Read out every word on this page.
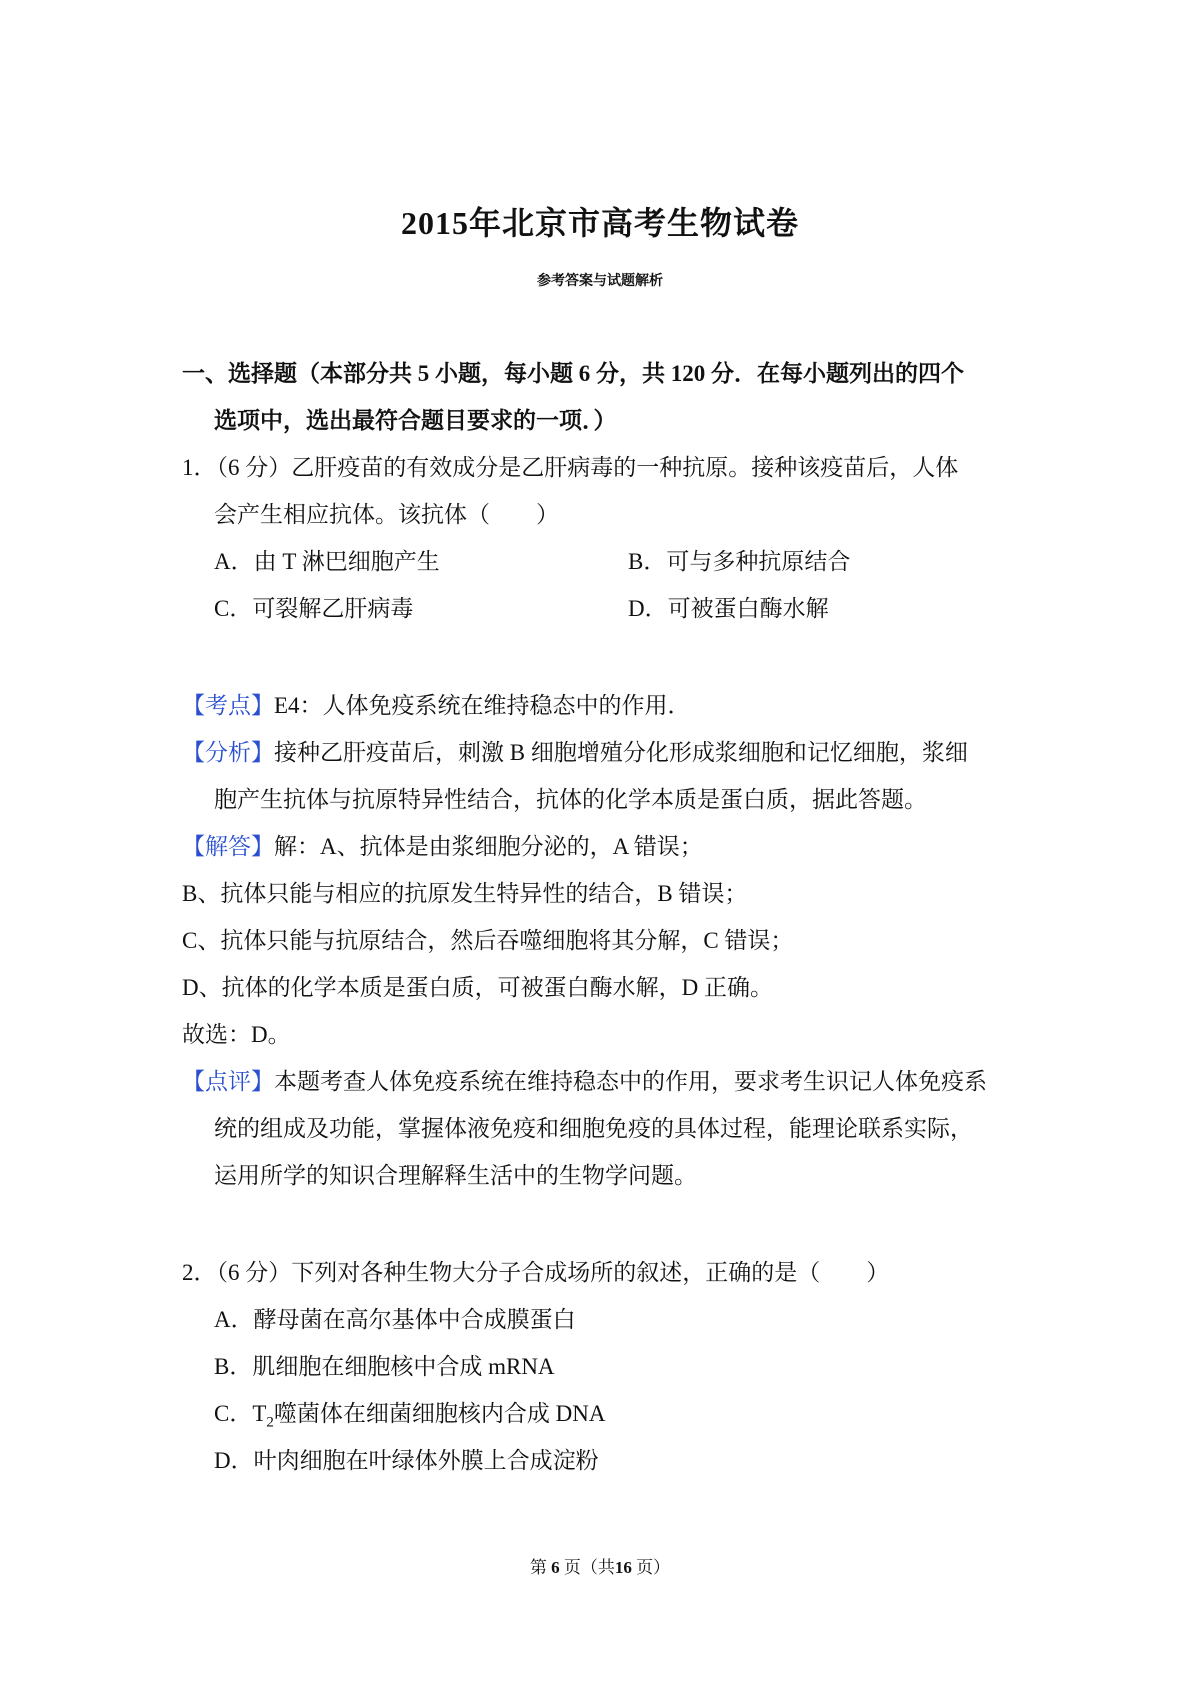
2015年北京市高考生物试卷
参考答案与试题解析
一、选择题（本部分共 5 小题，每小题 6 分，共 120 分．在每小题列出的四个
选项中，选出最符合题目要求的一项．）
1．（6 分）乙肝疫苗的有效成分是乙肝病毒的一种抗原。接种该疫苗后，人体
会产生相应抗体。该抗体（　　）
A．由 T 淋巴细胞产生	B．可与多种抗原结合
C．可裂解乙肝病毒	D．可被蛋白酶水解
【考点】E4：人体免疫系统在维持稳态中的作用．
【分析】接种乙肝疫苗后，刺激 B 细胞增殖分化形成浆细胞和记忆细胞，浆细
胞产生抗体与抗原特异性结合，抗体的化学本质是蛋白质，据此答题。
【解答】解：A、抗体是由浆细胞分泌的，A 错误；
B、抗体只能与相应的抗原发生特异性的结合，B 错误；
C、抗体只能与抗原结合，然后吞噬细胞将其分解，C 错误；
D、抗体的化学本质是蛋白质，可被蛋白酶水解，D 正确。
故选：D。
【点评】本题考查人体免疫系统在维持稳态中的作用，要求考生识记人体免疫系
统的组成及功能，掌握体液免疫和细胞免疫的具体过程，能理论联系实际，
运用所学的知识合理解释生活中的生物学问题。
2．（6 分）下列对各种生物大分子合成场所的叙述，正确的是（　　）
A．酵母菌在高尔基体中合成膜蛋白
B．肌细胞在细胞核中合成 mRNA
C．$T_2$噬菌体在细菌细胞核内合成 DNA
D．叶肉细胞在叶绿体外膜上合成淀粉
第 6 页（共16 页）
